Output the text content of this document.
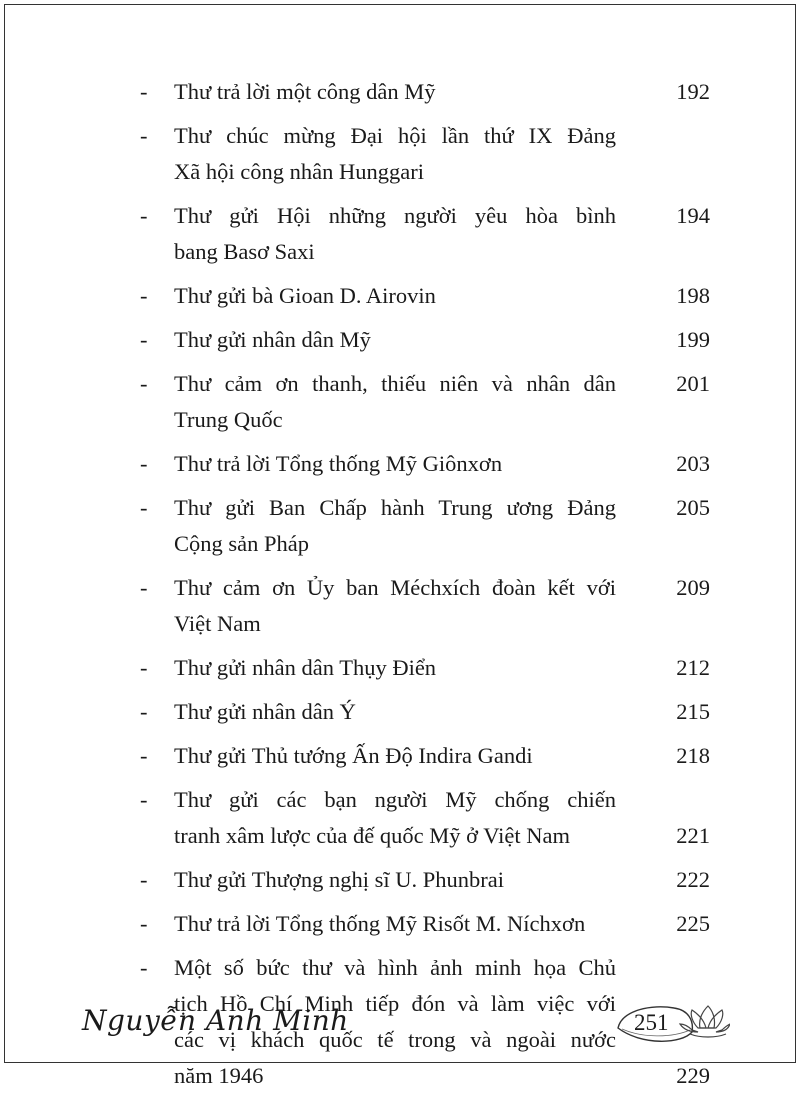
-	Thư trả lời một công dân Mỹ	192
-	Thư chúc mừng Đại hội lần thứ IX Đảng
Xã hội công nhân Hunggari
-	Thư gửi Hội những người yêu hòa bình	194
bang Basơ Saxi
-	Thư gửi bà Gioan D. Airovin	198
-	Thư gửi nhân dân Mỹ	199
-	Thư cảm ơn thanh, thiếu niên và nhân dân	201
Trung Quốc
-	Thư trả lời Tổng thống Mỹ Giônxơn	203
-	Thư gửi Ban Chấp hành Trung ương Đảng	205
Cộng sản Pháp
-	Thư cảm ơn Ủy ban Méchxích đoàn kết với	209
Việt Nam
-	Thư gửi nhân dân Thụy Điển	212
-	Thư gửi nhân dân Ý	215
-	Thư gửi Thủ tướng Ấn Độ Indira Gandi	218
-	Thư gửi các bạn người Mỹ chống chiến
tranh xâm lược của đế quốc Mỹ ở Việt Nam	221
-	Thư gửi Thượng nghị sĩ U. Phunbrai	222
-	Thư trả lời Tổng thống Mỹ Risốt M. Níchxơn	225
-	Một số bức thư và hình ảnh minh họa Chủ
tịch Hồ Chí Minh tiếp đón và làm việc với
các vị khách quốc tế trong và ngoài nước
năm 1946	229
Nguyễn Anh Minh	251
